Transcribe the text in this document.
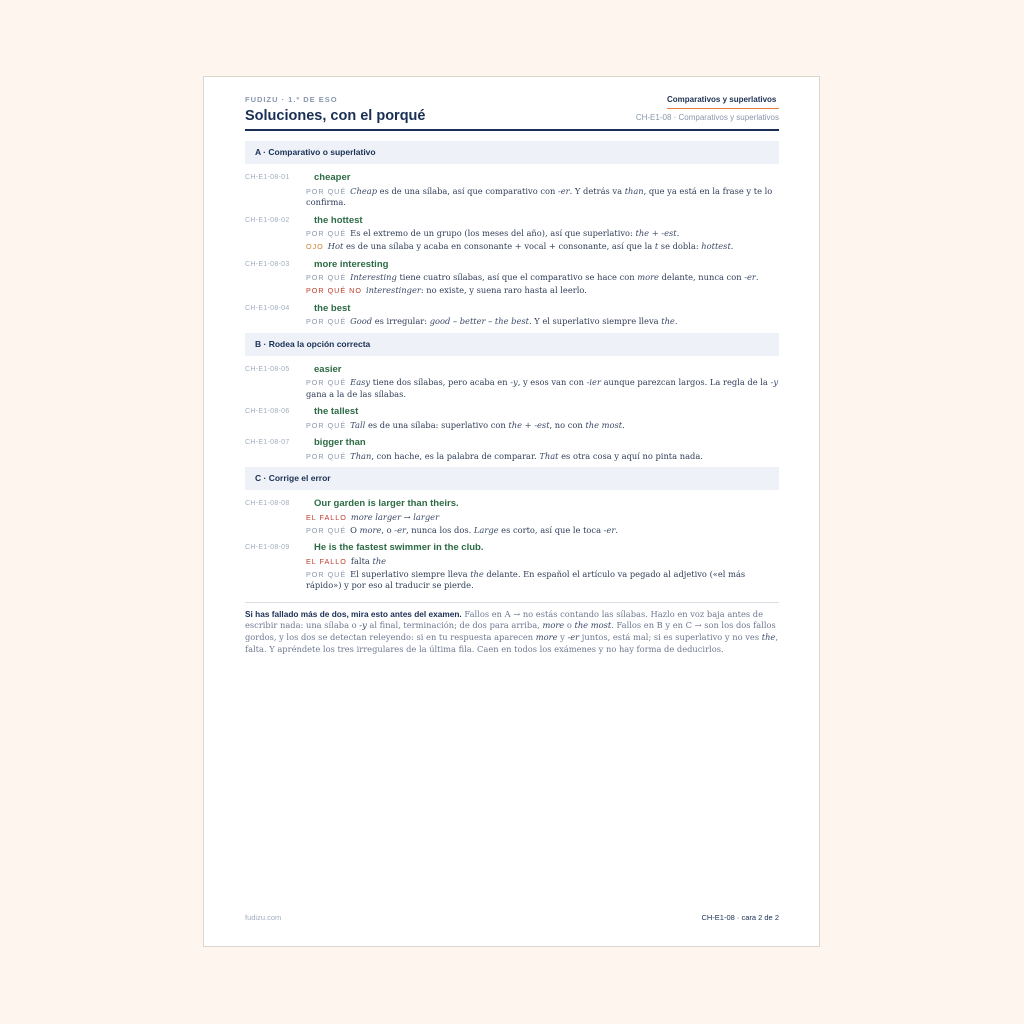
FUDIZU · 1.º DE ESO	Comparativos y superlativos
Soluciones, con el porqué	CH-E1-08 · Comparativos y superlativos
A · Comparativo o superlativo
CH-E1-08-01	cheaper
POR QUÉ Cheap es de una sílaba, así que comparativo con -er. Y detrás va than, que ya está en la frase y te lo confirma.
CH-E1-08-02	the hottest
POR QUÉ Es el extremo de un grupo (los meses del año), así que superlativo: the + -est.
OJO Hot es de una sílaba y acaba en consonante + vocal + consonante, así que la t se dobla: hottest.
CH-E1-08-03	more interesting
POR QUÉ Interesting tiene cuatro sílabas, así que el comparativo se hace con more delante, nunca con -er.
POR QUÉ NO interestinger: no existe, y suena raro hasta al leerlo.
CH-E1-08-04	the best
POR QUÉ Good es irregular: good – better – the best. Y el superlativo siempre lleva the.
B · Rodea la opción correcta
CH-E1-08-05	easier
POR QUÉ Easy tiene dos sílabas, pero acaba en -y, y esos van con -ier aunque parezcan largos. La regla de la -y gana a la de las sílabas.
CH-E1-08-06	the tallest
POR QUÉ Tall es de una sílaba: superlativo con the + -est, no con the most.
CH-E1-08-07	bigger than
POR QUÉ Than, con hache, es la palabra de comparar. That es otra cosa y aquí no pinta nada.
C · Corrige el error
CH-E1-08-08	Our garden is larger than theirs.
EL FALLO more larger → larger
POR QUÉ O more, o -er, nunca los dos. Large es corto, así que le toca -er.
CH-E1-08-09	He is the fastest swimmer in the club.
EL FALLO falta the
POR QUÉ El superlativo siempre lleva the delante. En español el artículo va pegado al adjetivo («el más rápido») y por eso al traducir se pierde.
Si has fallado más de dos, mira esto antes del examen. Fallos en A → no estás contando las sílabas. Hazlo en voz baja antes de escribir nada: una sílaba o -y al final, terminación; de dos para arriba, more o the most. Fallos en B y en C → son los dos fallos gordos, y los dos se detectan releyendo: si en tu respuesta aparecen more y -er juntos, está mal; si es superlativo y no ves the, falta. Y apréndete los tres irregulares de la última fila. Caen en todos los exámenes y no hay forma de deducirlos.
fudizu.com	CH-E1-08 · cara 2 de 2
